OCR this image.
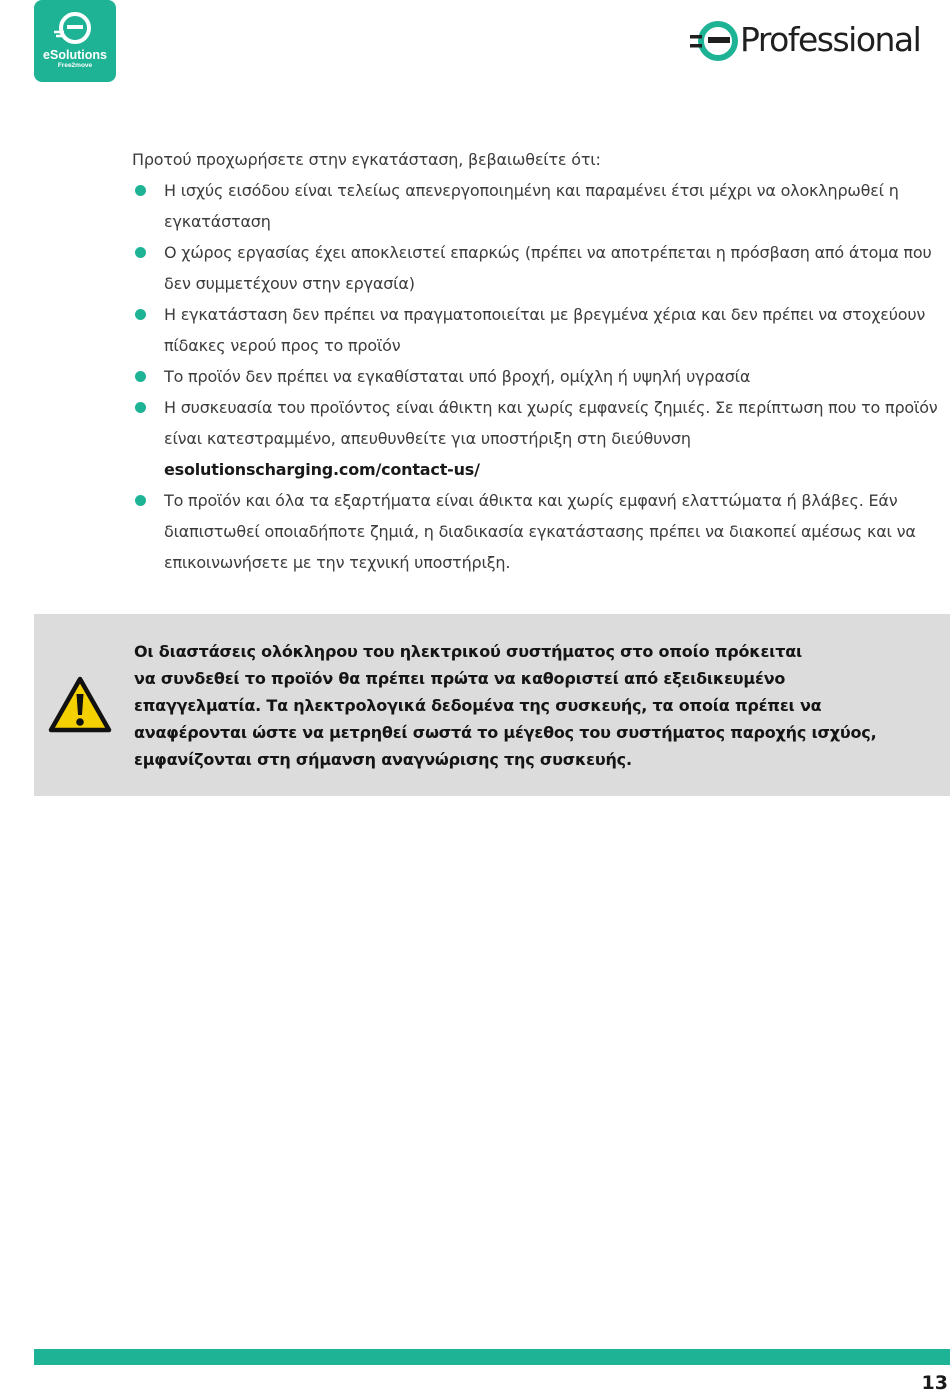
eSolutions
Free2move
Professional

Προτού προχωρήσετε στην εγκατάσταση, βεβαιωθείτε ότι:

Η ισχύς εισόδου είναι τελείως απενεργοποιημένη και παραμένει έτσι μέχρι να ολοκληρωθεί η εγκατάσταση
Ο χώρος εργασίας έχει αποκλειστεί επαρκώς (πρέπει να αποτρέπεται η πρόσβαση από άτομα που δεν συμμετέχουν στην εργασία)
Η εγκατάσταση δεν πρέπει να πραγματοποιείται με βρεγμένα χέρια και δεν πρέπει να στοχεύουν πίδακες νερού προς το προϊόν
Το προϊόν δεν πρέπει να εγκαθίσταται υπό βροχή, ομίχλη ή υψηλή υγρασία
Η συσκευασία του προϊόντος είναι άθικτη και χωρίς εμφανείς ζημιές. Σε περίπτωση που το προϊόν είναι κατεστραμμένο, απευθυνθείτε για υποστήριξη στη διεύθυνση
esolutionscharging.com/contact-us/
Το προϊόν και όλα τα εξαρτήματα είναι άθικτα και χωρίς εμφανή ελαττώματα ή βλάβες. Εάν διαπιστωθεί οποιαδήποτε ζημιά, η διαδικασία εγκατάστασης πρέπει να διακοπεί αμέσως και να επικοινωνήσετε με την τεχνική υποστήριξη.
Οι διαστάσεις ολόκληρου του ηλεκτρικού συστήματος στο οποίο πρόκειται
να συνδεθεί το προϊόν θα πρέπει πρώτα να καθοριστεί από εξειδικευμένο
επαγγελματία. Τα ηλεκτρολογικά δεδομένα της συσκευής, τα οποία πρέπει να
αναφέρονται ώστε να μετρηθεί σωστά το μέγεθος του συστήματος παροχής ισχύος,
εμφανίζονται στη σήμανση αναγνώρισης της συσκευής.
13
